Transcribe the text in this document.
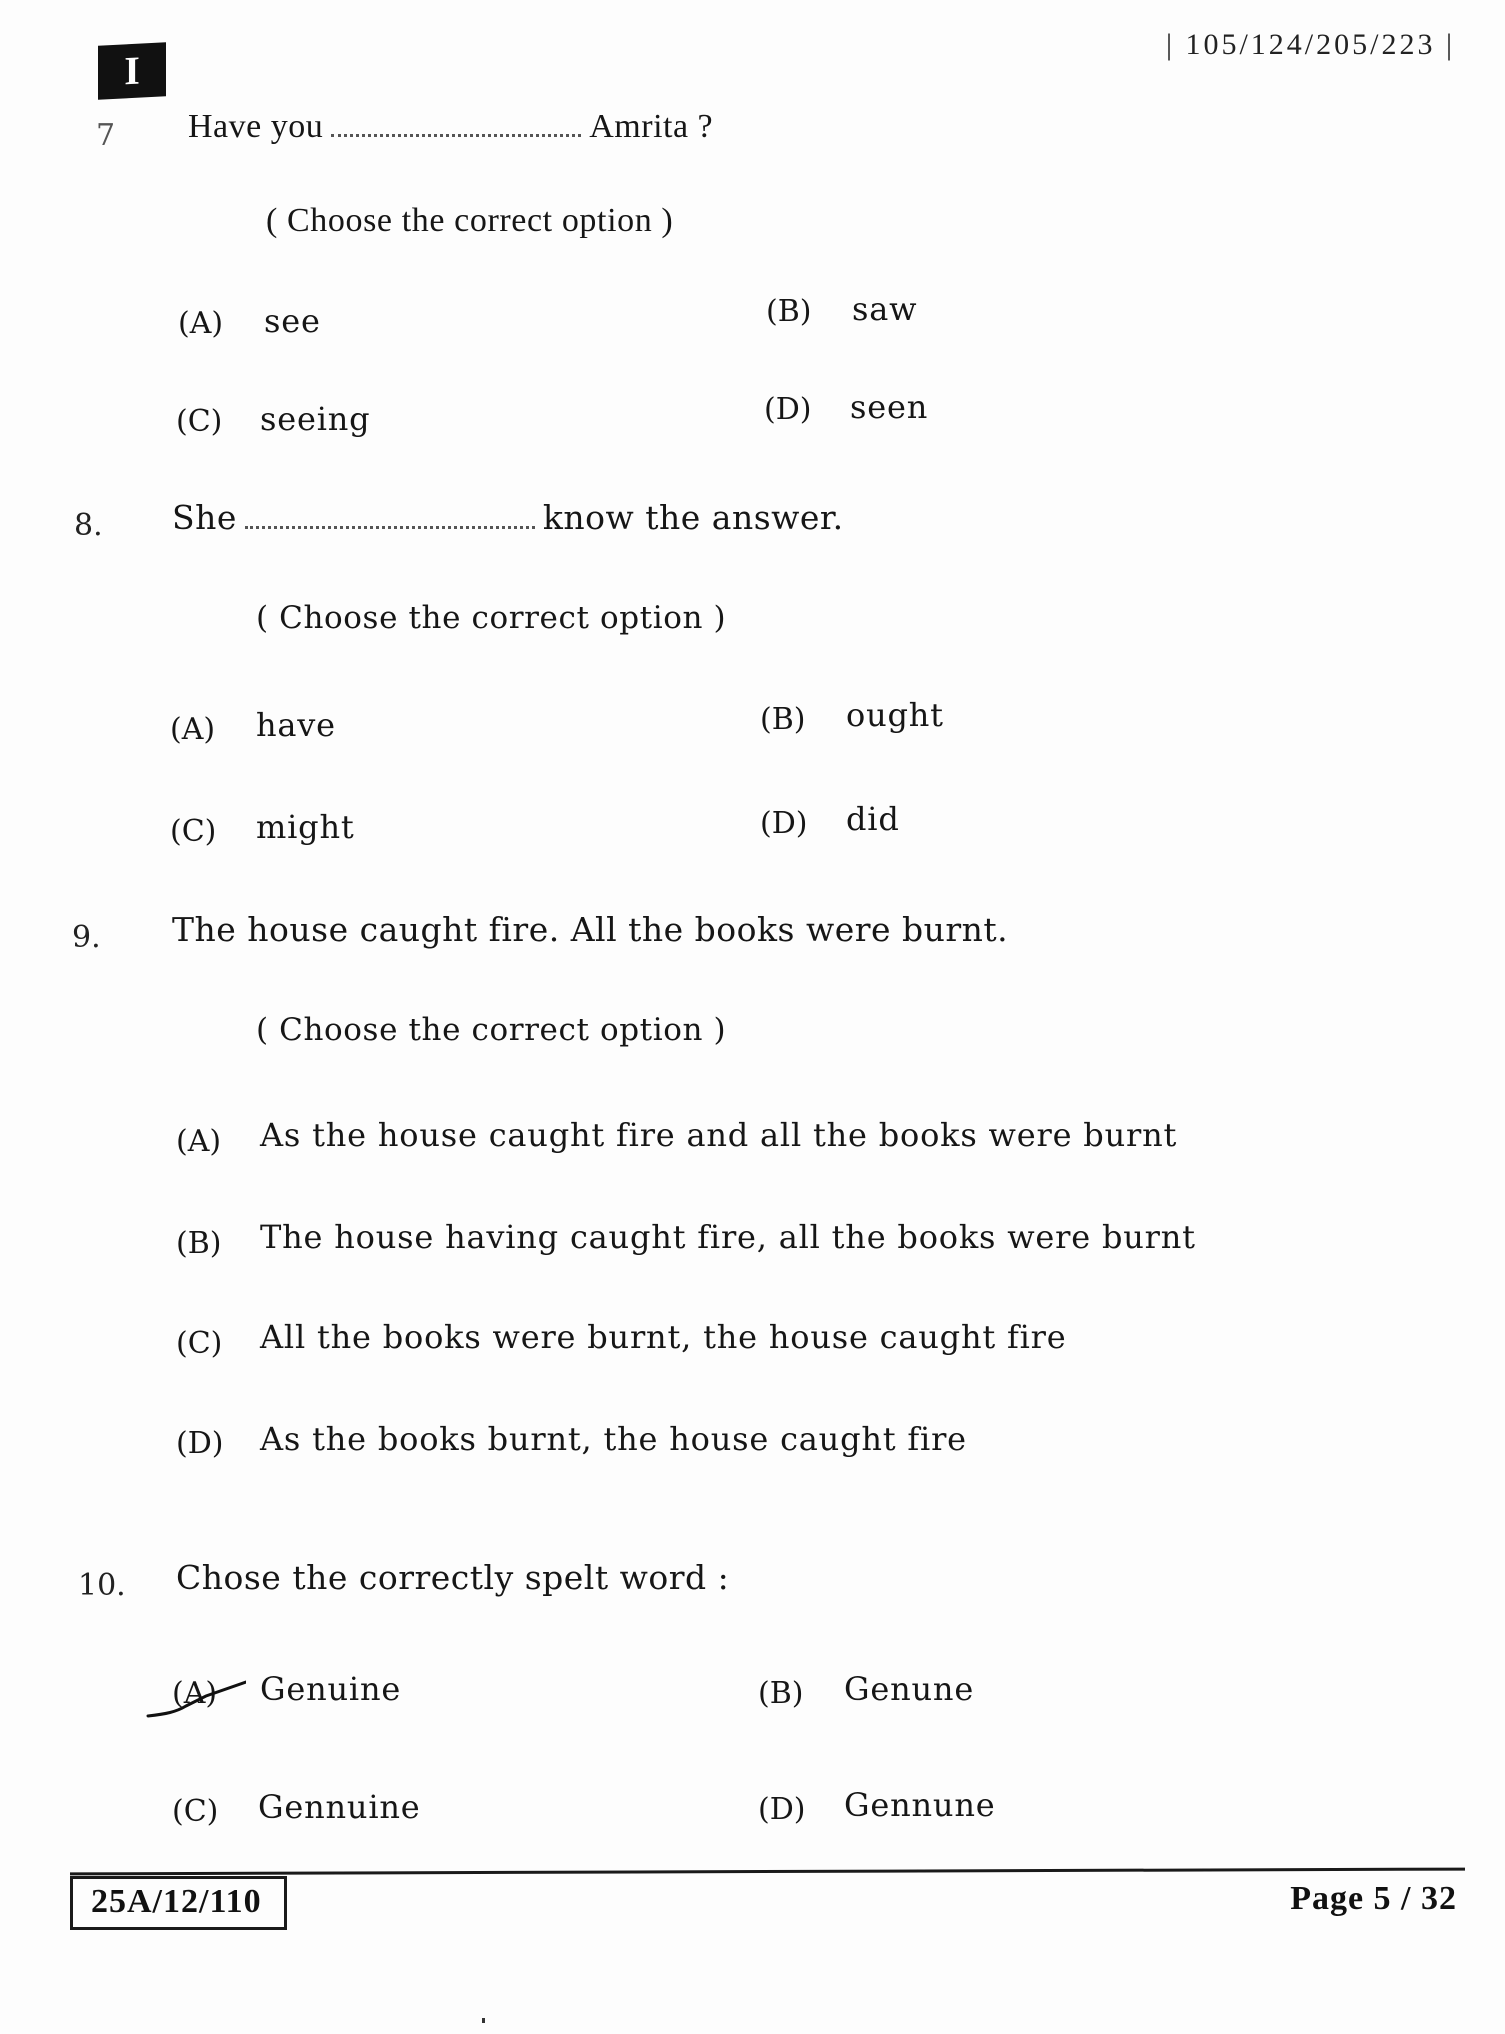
I
| 105/124/205/223 |
7 Have you	Amrita ?
( Choose the correct option )
(A) see	(B) saw
(C) seeing	(D) seen
8. She	know the answer.
( Choose the correct option )
(A) have	(B) ought
(C) might	(D) did
9. The house caught fire. All the books were burnt.
( Choose the correct option )
(A) As the house caught fire and all the books were burnt
(B) The house having caught fire, all the books were burnt
(C) All the books were burnt, the house caught fire
(D) As the books burnt, the house caught fire
10. Chose the correctly spelt word :
(A) Genuine	(B) Genune
(C) Gennuine	(D) Gennune
25A/12/110	Page 5 / 32
